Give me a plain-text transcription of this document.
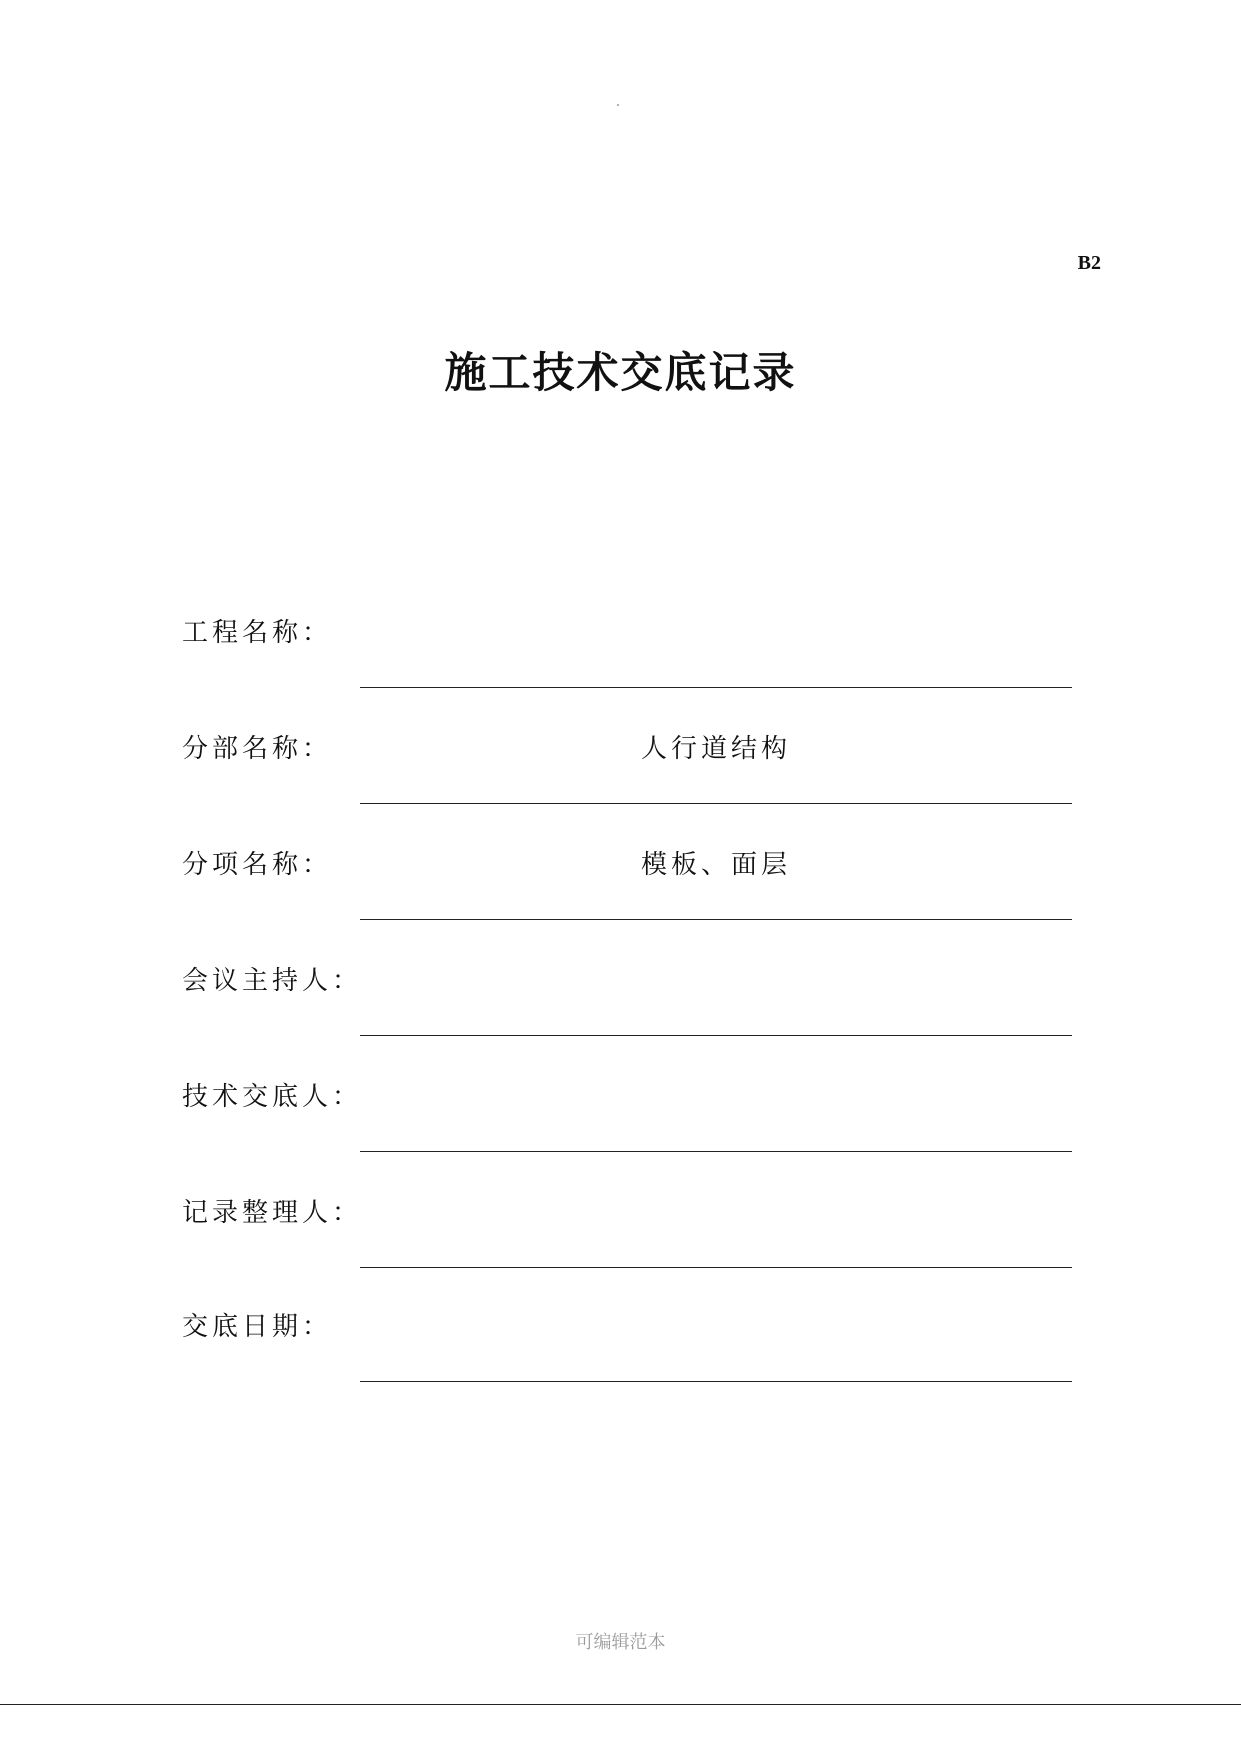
B2
施工技术交底记录
工程名称：
分部名称：	人行道结构
分项名称：	模板、面层
会议主持人：
技术交底人：
记录整理人：
交底日期：
可编辑范本
